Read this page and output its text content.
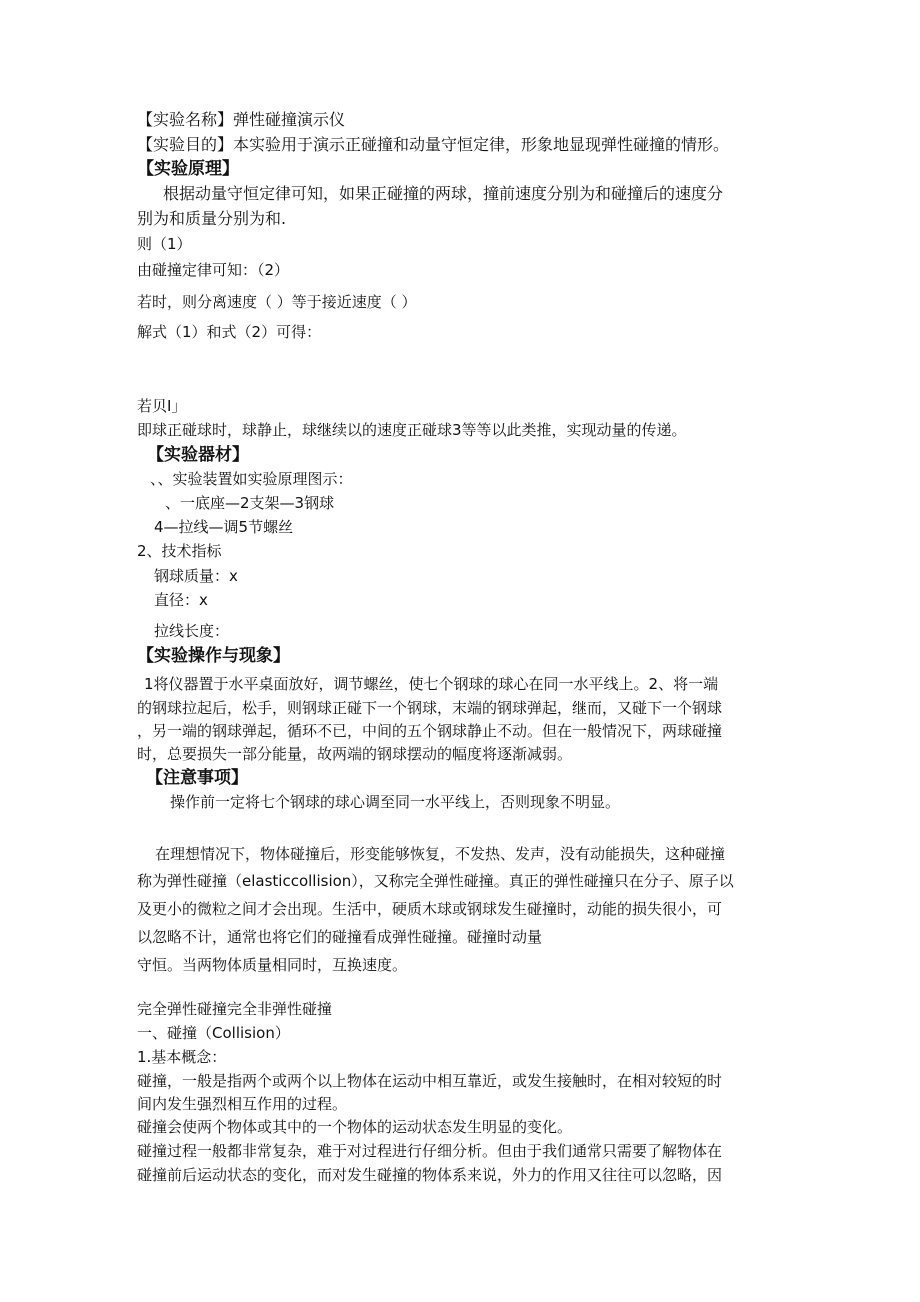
【实验名称】弹性碰撞演示仪
【实验目的】本实验用于演示正碰撞和动量守恒定律，形象地显现弹性碰撞的情形。
【实验原理】
根据动量守恒定律可知，如果正碰撞的两球，撞前速度分别为和碰撞后的速度分
别为和质量分别为和.
则（1）
由碰撞定律可知：（2）
若时，则分离速度（ ）等于接近速度（ ）
解式（1）和式（2）可得：
若贝I」
即球正碰球时，球静止，球继续以的速度正碰球3等等以此类推，实现动量的传递。
【实验器材】
、、实验装置如实验原理图示：
、一底座—2支架—3钢球
4—拉线—调5节螺丝
2、技术指标
钢球质量：x
直径：x
拉线长度：
【实验操作与现象】
1将仪器置于水平桌面放好，调节螺丝，使七个钢球的球心在同一水平线上。2、将一端
的钢球拉起后，松手，则钢球正碰下一个钢球，末端的钢球弹起，继而，又碰下一个钢球
，另一端的钢球弹起，循环不已，中间的五个钢球静止不动。但在一般情况下，两球碰撞
时，总要损失一部分能量，故两端的钢球摆动的幅度将逐渐减弱。
【注意事项】
操作前一定将七个钢球的球心调至同一水平线上，否则现象不明显。
在理想情况下，物体碰撞后，形变能够恢复，不发热、发声，没有动能损失，这种碰撞
称为弹性碰撞（elasticcollision），又称完全弹性碰撞。真正的弹性碰撞只在分子、原子以
及更小的微粒之间才会出现。生活中，硬质木球或钢球发生碰撞时，动能的损失很小，可
以忽略不计，通常也将它们的碰撞看成弹性碰撞。碰撞时动量
守恒。当两物体质量相同时，互换速度。
完全弹性碰撞完全非弹性碰撞
一、碰撞（Collision）
1.基本概念：
碰撞，一般是指两个或两个以上物体在运动中相互靠近，或发生接触时，在相对较短的时
间内发生强烈相互作用的过程。
碰撞会使两个物体或其中的一个物体的运动状态发生明显的变化。
碰撞过程一般都非常复杂，难于对过程进行仔细分析。但由于我们通常只需要了解物体在
碰撞前后运动状态的变化，而对发生碰撞的物体系来说，外力的作用又往往可以忽略，因
